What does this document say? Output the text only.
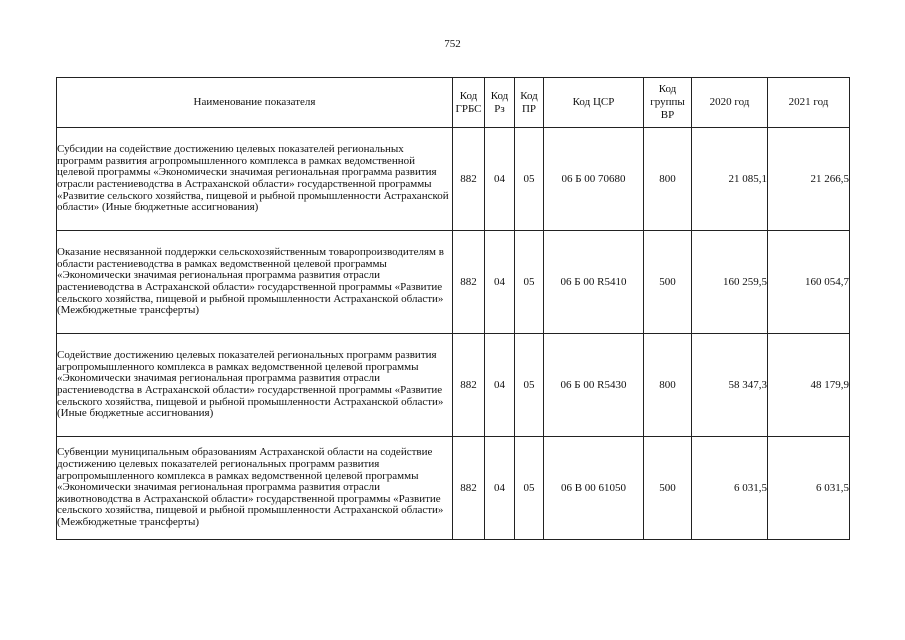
752
Наименование показателя	Код ГРБС	Код Рз	Код ПР	Код ЦСР	Код группы ВР	2020 год	2021 год
Субсидии на содействие достижению целевых показателей региональных программ развития агропромышленного комплекса в рамках ведомственной целевой программы «Экономически значимая региональная программа развития отрасли растениеводства в Астраханской области» государственной программы «Развитие сельского хозяйства, пищевой и рыбной промышленности Астраханской области» (Иные бюджетные ассигнования)	882	04	05	06 Б 00 70680	800	21 085,1	21 266,5
Оказание несвязанной поддержки сельскохозяйственным товаропроизводителям в области растениеводства в рамках ведомственной целевой программы «Экономически значимая региональная программа развития отрасли растениеводства в Астраханской области» государственной программы «Развитие сельского хозяйства, пищевой и рыбной промышленности Астраханской области» (Межбюджетные трансферты)	882	04	05	06 Б 00 R5410	500	160 259,5	160 054,7
Содействие достижению целевых показателей региональных программ развития агропромышленного комплекса в рамках ведомственной целевой программы «Экономически значимая региональная программа развития отрасли растениеводства в Астраханской области» государственной программы «Развитие сельского хозяйства, пищевой и рыбной промышленности Астраханской области» (Иные бюджетные ассигнования)	882	04	05	06 Б 00 R5430	800	58 347,3	48 179,9
Субвенции муниципальным образованиям Астраханской области на содействие достижению целевых показателей региональных программ развития агропромышленного комплекса в рамках ведомственной целевой программы «Экономически значимая региональная программа развития отрасли животноводства в Астраханской области» государственной программы «Развитие сельского хозяйства, пищевой и рыбной промышленности Астраханской области» (Межбюджетные трансферты)	882	04	05	06 В 00 61050	500	6 031,5	6 031,5
